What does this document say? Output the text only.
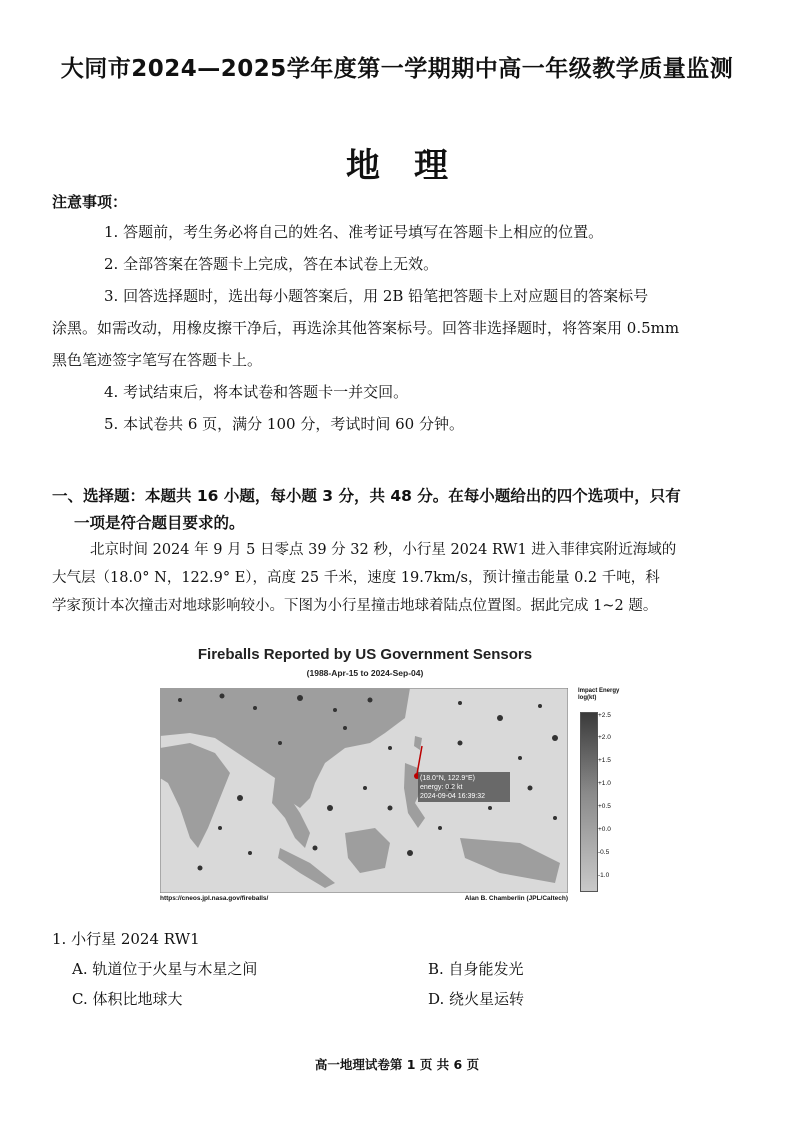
大同市2024—2025学年度第一学期期中高一年级教学质量监测
地理
注意事项：
1. 答题前，考生务必将自己的姓名、准考证号填写在答题卡上相应的位置。
2. 全部答案在答题卡上完成，答在本试卷上无效。
3. 回答选择题时，选出每小题答案后，用 2B 铅笔把答题卡上对应题目的答案标号
涂黑。如需改动，用橡皮擦干净后，再选涂其他答案标号。回答非选择题时，将答案用 0.5mm
黑色笔迹签字笔写在答题卡上。
4. 考试结束后，将本试卷和答题卡一并交回。
5. 本试卷共 6 页，满分 100 分，考试时间 60 分钟。
一、选择题：本题共 16 小题，每小题 3 分，共 48 分。在每小题给出的四个选项中，只有
一项是符合题目要求的。
北京时间 2024 年 9 月 5 日零点 39 分 32 秒，小行星 2024 RW1 进入菲律宾附近海域的
大气层（18.0° N，122.9° E），高度 25 千米，速度 19.7km/s，预计撞击能量 0.2 千吨，科
学家预计本次撞击对地球影响较小。下图为小行星撞击地球着陆点位置图。据此完成 1~2 题。
Fireballs Reported by US Government Sensors
(1988-Apr-15 to 2024-Sep-04)
(18.0°N, 122.9°E)
energy: 0.2 kt
2024-09-04 16:39:32
Impact Energy
log(kt)
+2.5
+2.0
+1.5
+1.0
+0.5
+0.0
-0.5
-1.0
https://cneos.jpl.nasa.gov/fireballs/	Alan B. Chamberlin (JPL/Caltech)
1. 小行星 2024 RW1
A. 轨道位于火星与木星之间	B. 自身能发光
C. 体积比地球大	D. 绕火星运转
高一地理试卷第 1 页 共 6 页
